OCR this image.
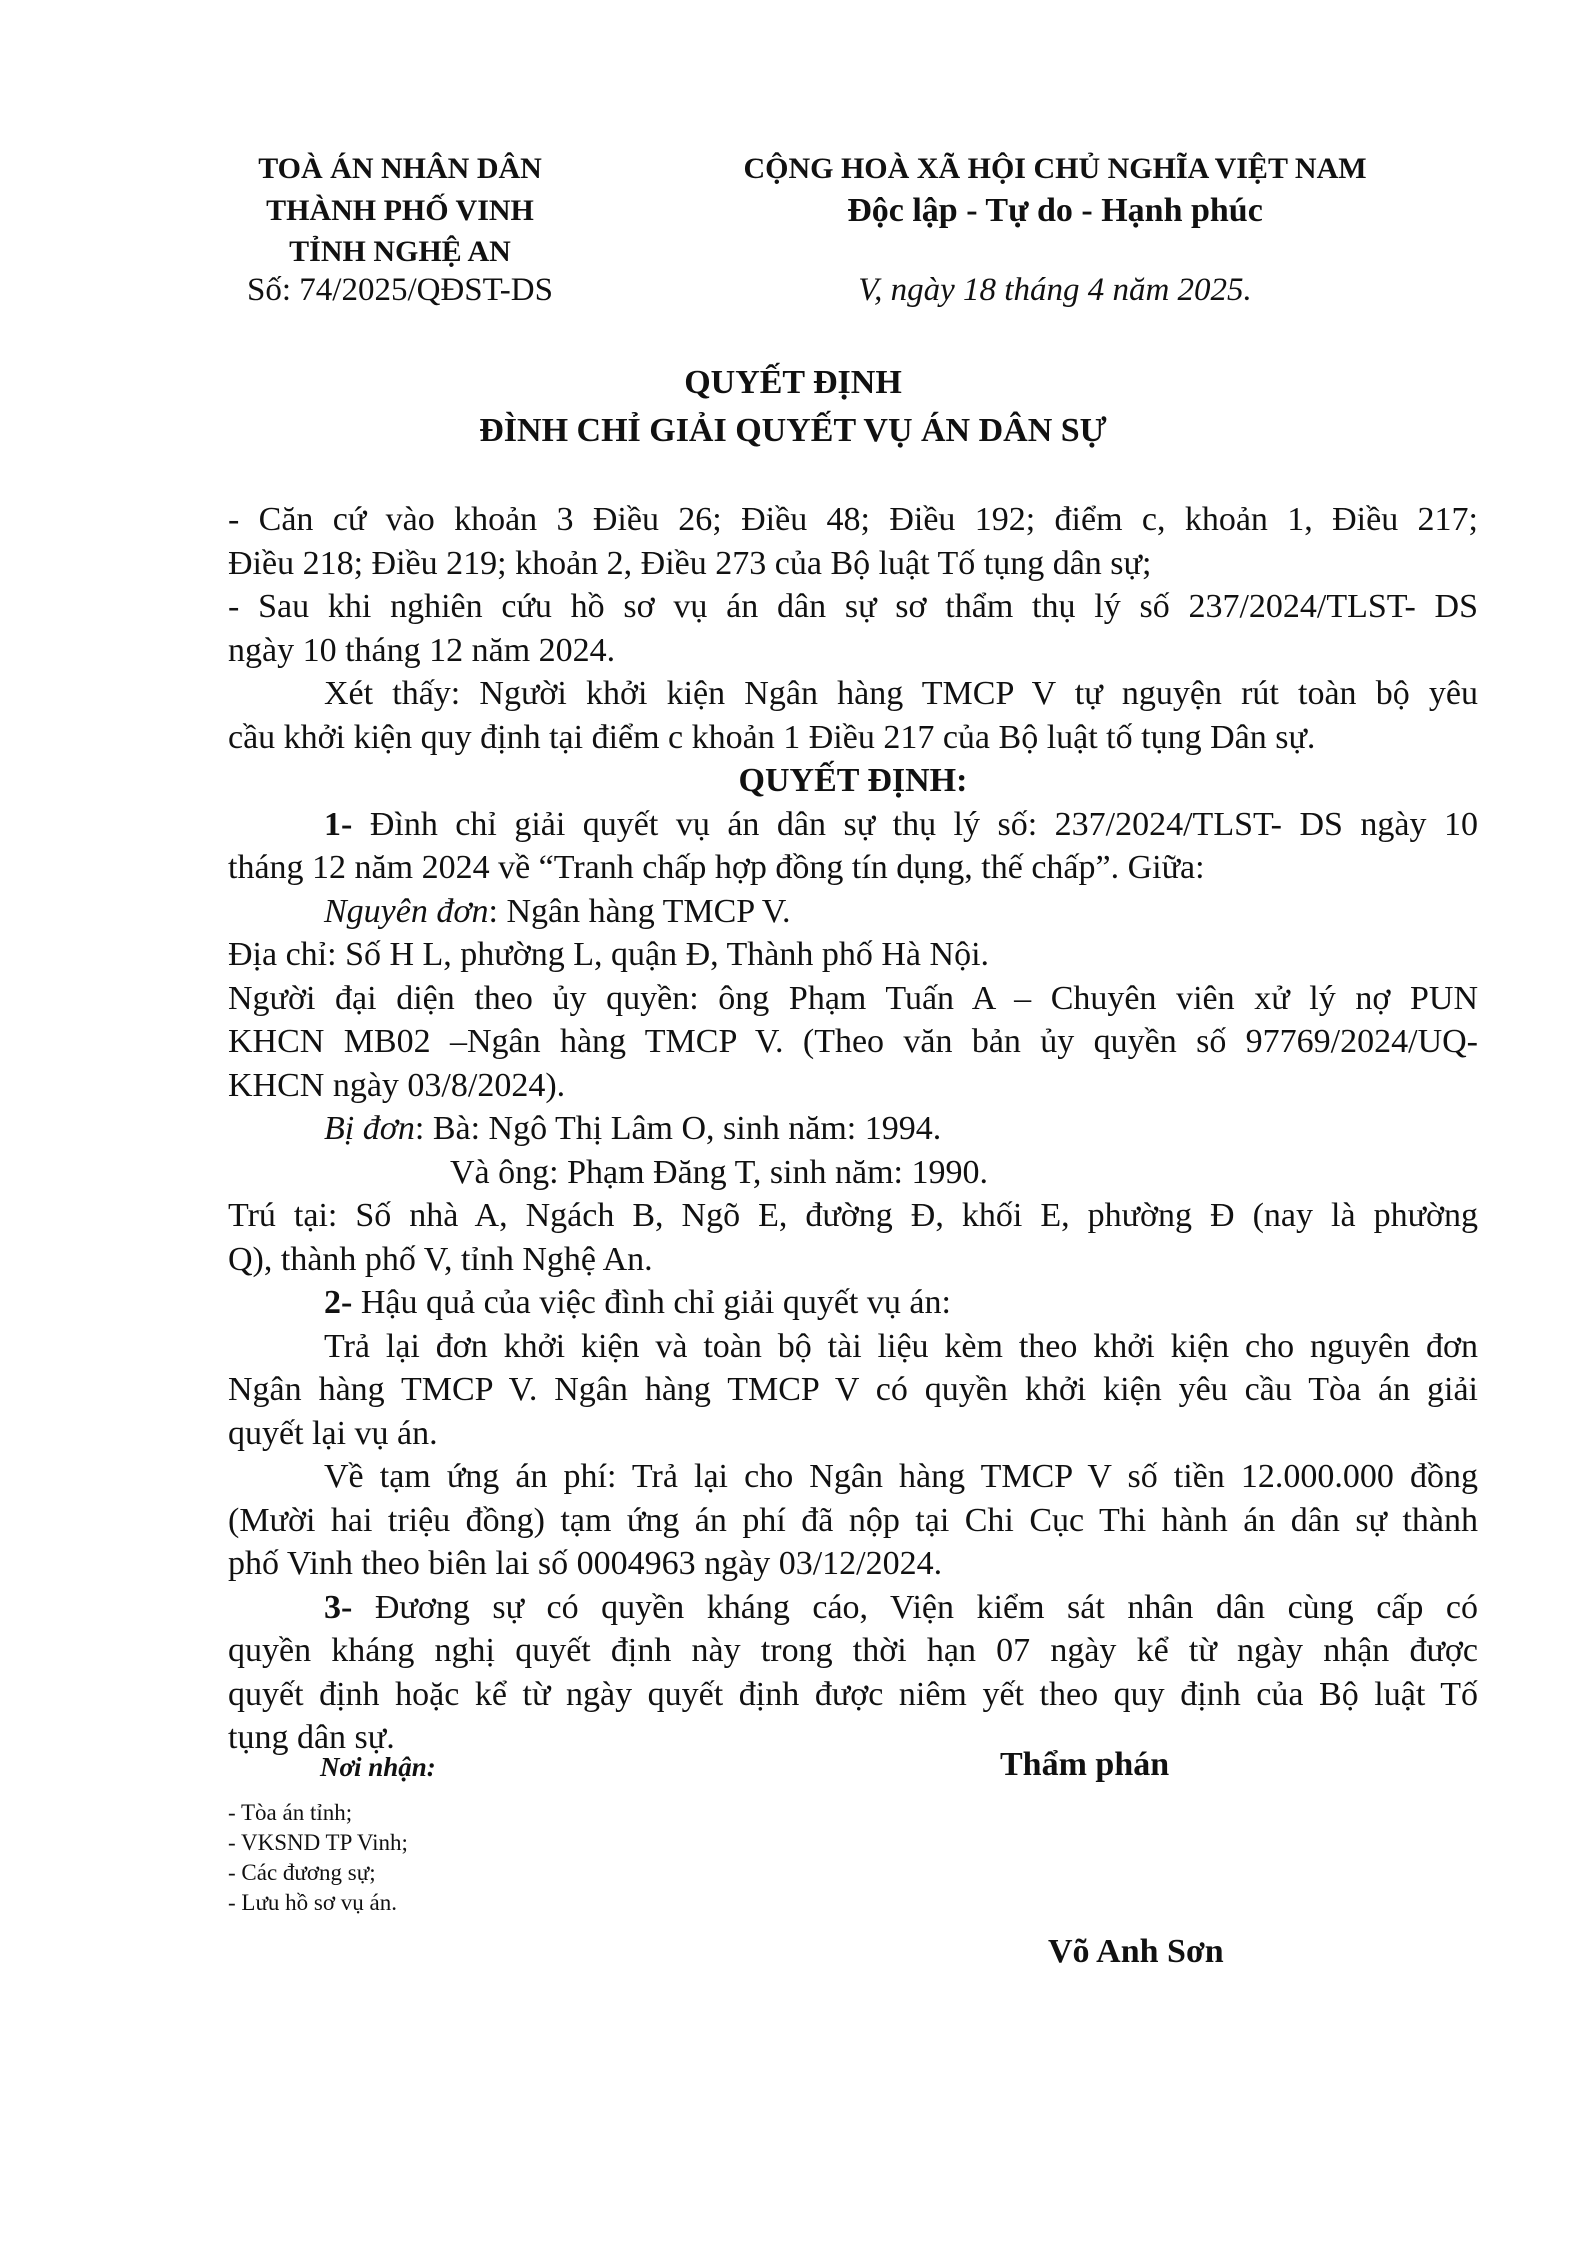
TOÀ ÁN NHÂN DÂN
THÀNH PHỐ VINH
TỈNH NGHỆ AN
Số: 74/2025/QĐST-DS
CỘNG HOÀ XÃ HỘI CHỦ NGHĨA VIỆT NAM
Độc lập - Tự do - Hạnh phúc
V, ngày 18 tháng 4 năm 2025.
QUYẾT ĐỊNH
ĐÌNH CHỈ GIẢI QUYẾT VỤ ÁN DÂN SỰ
- Căn cứ vào khoản 3 Điều 26; Điều 48; Điều 192; điểm c, khoản 1, Điều 217;
Điều 218; Điều 219; khoản 2, Điều 273 của Bộ luật Tố tụng dân sự;
- Sau khi nghiên cứu hồ sơ vụ án dân sự sơ thẩm thụ lý số 237/2024/TLST- DS
ngày 10 tháng 12 năm 2024.
Xét thấy: Người khởi kiện Ngân hàng TMCP V tự nguyện rút toàn bộ yêu
cầu khởi kiện quy định tại điểm c khoản 1 Điều 217 của Bộ luật tố tụng Dân sự.
QUYẾT ĐỊNH:
1- Đình chỉ giải quyết vụ án dân sự thụ lý số: 237/2024/TLST- DS ngày 10
tháng 12 năm 2024 về “Tranh chấp hợp đồng tín dụng, thế chấp”. Giữa:
Nguyên đơn: Ngân hàng TMCP V.
Địa chỉ: Số H L, phường L, quận Đ, Thành phố Hà Nội.
Người đại diện theo ủy quyền: ông Phạm Tuấn A – Chuyên viên xử lý nợ PUN
KHCN MB02 –Ngân hàng TMCP V. (Theo văn bản ủy quyền số 97769/2024/UQ-
KHCN ngày 03/8/2024).
Bị đơn: Bà: Ngô Thị Lâm O, sinh năm: 1994.
Và ông: Phạm Đăng T, sinh năm: 1990.
Trú tại: Số nhà A, Ngách B, Ngõ E, đường Đ, khối E, phường Đ (nay là phường
Q), thành phố V, tỉnh Nghệ An.
2- Hậu quả của việc đình chỉ giải quyết vụ án:
Trả lại đơn khởi kiện và toàn bộ tài liệu kèm theo khởi kiện cho nguyên đơn
Ngân hàng TMCP V. Ngân hàng TMCP V có quyền khởi kiện yêu cầu Tòa án giải
quyết lại vụ án.
Về tạm ứng án phí: Trả lại cho Ngân hàng TMCP V số tiền 12.000.000 đồng
(Mười hai triệu đồng) tạm ứng án phí đã nộp tại Chi Cục Thi hành án dân sự thành
phố Vinh theo biên lai số 0004963 ngày 03/12/2024.
3- Đương sự có quyền kháng cáo, Viện kiểm sát nhân dân cùng cấp có
quyền kháng nghị quyết định này trong thời hạn 07 ngày kể từ ngày nhận được
quyết định hoặc kể từ ngày quyết định được niêm yết theo quy định của Bộ luật Tố
tụng dân sự.
Nơi nhận:
- Tòa án tỉnh;
- VKSND TP Vinh;
- Các đương sự;
- Lưu hồ sơ vụ án.
Thẩm phán
Võ Anh Sơn
